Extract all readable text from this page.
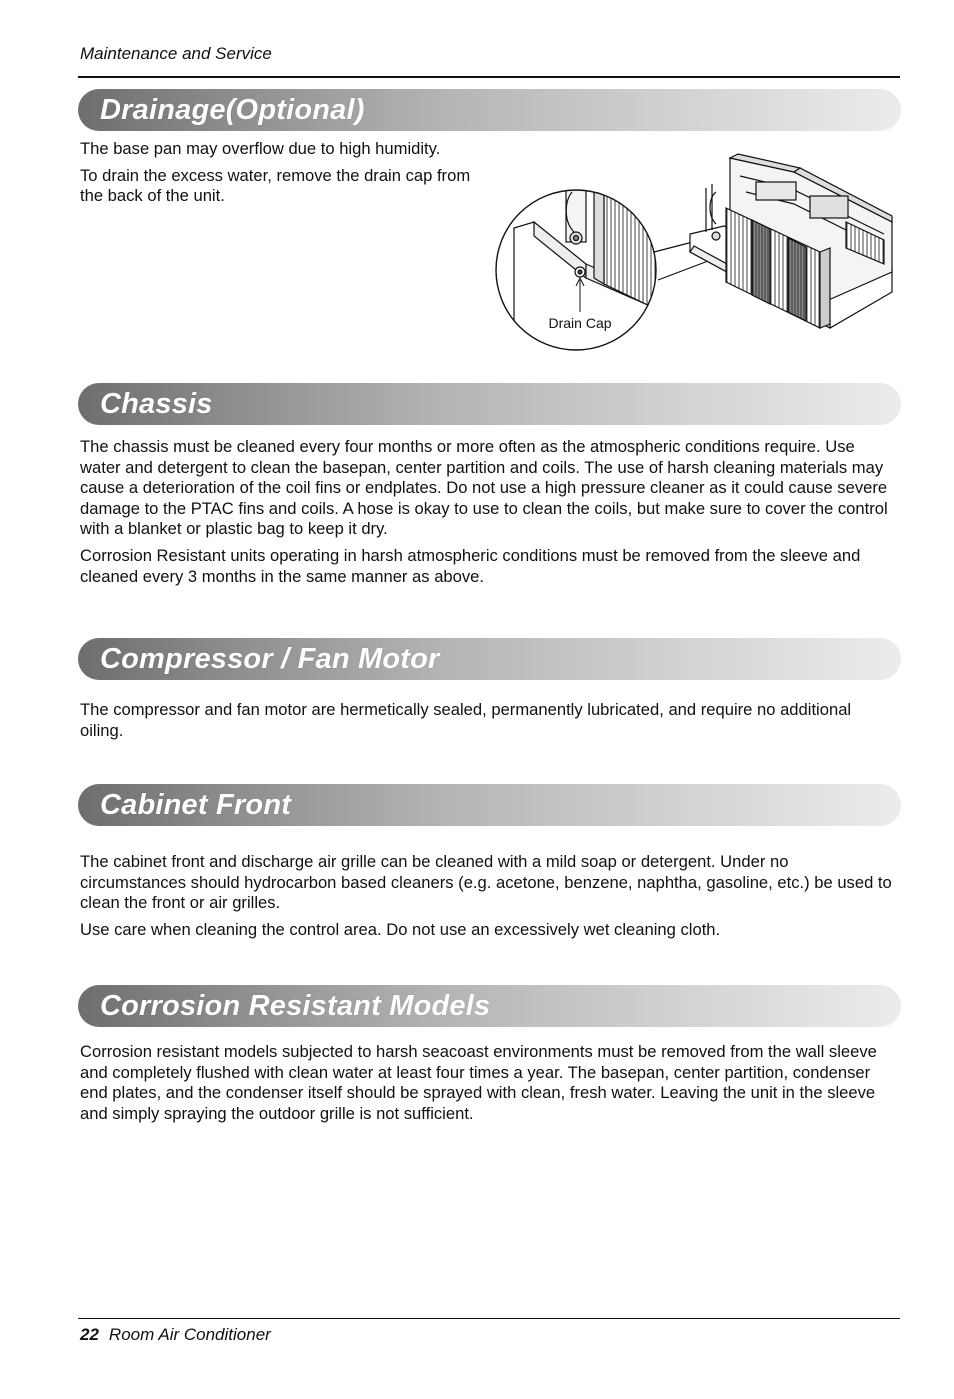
Maintenance and Service
Drainage(Optional)

The base pan may overflow due to high humidity.

To drain the excess water, remove the drain cap from the back of the unit.

Drain Cap
Chassis

The chassis must be cleaned every four months or more often as the atmospheric conditions require. Use water and detergent to clean the basepan, center partition and coils. The use of harsh cleaning materials may cause a deterioration of the coil fins or endplates. Do not use a high pressure cleaner as it could cause severe damage to the PTAC fins and coils. A hose is okay to use to clean the coils, but make sure to cover the control with a blanket or plastic bag to keep it dry.

Corrosion Resistant units operating in harsh atmospheric conditions must be removed from the sleeve and cleaned every 3 months in the same manner as above.

Compressor / Fan Motor

The compressor and fan motor are hermetically sealed, permanently lubricated, and require no additional oiling.

Cabinet Front

The cabinet front and discharge air grille can be cleaned with a mild soap or detergent. Under no circumstances should hydrocarbon based cleaners (e.g. acetone, benzene, naphtha, gasoline, etc.) be used to clean the front or air grilles.

Use care when cleaning the control area. Do not use an excessively wet cleaning cloth.

Corrosion Resistant Models

Corrosion resistant models subjected to harsh seacoast environments must be removed from the wall sleeve and completely flushed with clean water at least four times a year. The basepan, center partition, condenser end plates, and the condenser itself should be sprayed with clean, fresh water. Leaving the unit in the sleeve and simply spraying the outdoor grille is not sufficient.

22 Room Air Conditioner
